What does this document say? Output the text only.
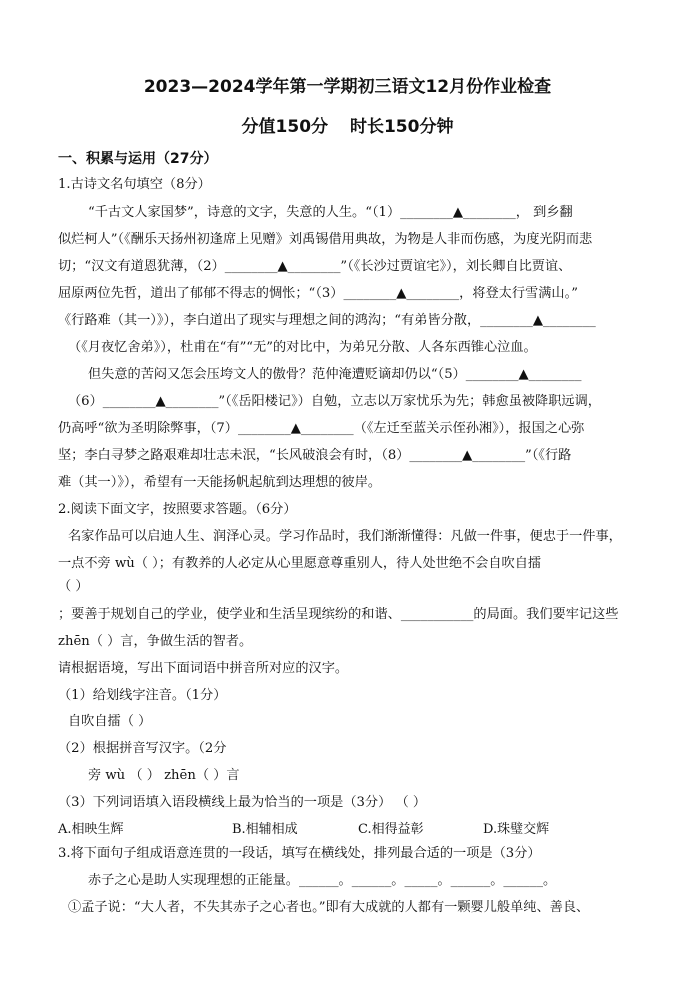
2023—2024学年第一学期初三语文12月份作业检查
分值150分 时长150分钟
一、积累与运用（27分）
1.古诗文名句填空（8分）
“千古文人家国梦”，诗意的文字，失意的人生。“（1）________▲________， 到乡翻
似烂柯人”（《酬乐天扬州初逢席上见赠》刘禹锡借用典故，为物是人非而伤感，为度光阴而悲
切；“汉文有道恩犹薄，（2）________▲________”（《长沙过贾谊宅》），刘长卿自比贾谊、
屈原两位先哲，道出了郁郁不得志的惆怅；“（3）________▲________，将登太行雪满山。”
《行路难（其一）》），李白道出了现实与理想之间的鸿沟；“有弟皆分散，________▲________
（《月夜忆舍弟》），杜甫在“有”“无”的对比中，为弟兄分散、人各东西锥心泣血。
但失意的苦闷又怎会压垮文人的傲骨？范仲淹遭贬谪却仍以“（5）________▲________
（6）________▲________”（《岳阳楼记》）自勉，立志以万家忧乐为先；韩愈虽被降职远调，
仍高呼“欲为圣明除弊事，（7）________▲________（《左迁至蓝关示侄孙湘》），报国之心弥
坚；李白寻梦之路艰难却壮志未泯，“长风破浪会有时，（8）________▲________”（《行路
难（其一）》），希望有一天能扬帆起航到达理想的彼岸。
2.阅读下面文字，按照要求答题。（6分）
名家作品可以启迪人生、润泽心灵。学习作品时，我们渐渐懂得：凡做一件事，便忠于一件事，
一点不旁 wù（ ）；有教养的人必定从心里愿意尊重别人，待人处世绝不会自吹自擂
（ ）
；要善于规划自己的学业，使学业和生活呈现缤纷的和谐、___________的局面。我们要牢记这些
zhēn（ ）言，争做生活的智者。
请根据语境，写出下面词语中拼音所对应的汉字。
（1）给划线字注音。（1分）
自吹自擂（ ）
（2）根据拼音写汉字。（2分
旁 wù （ ） zhēn（ ）言
（3）下列词语填入语段横线上最为恰当的一项是（3分） （ ）
A.相映生辉	B.相辅相成	C.相得益彰	D.珠璧交辉
3.将下面句子组成语意连贯的一段话，填写在横线处，排列最合适的一项是（3分）
赤子之心是助人实现理想的正能量。______。______。_____。______。______。
①孟子说：“大人者，不失其赤子之心者也。”即有大成就的人都有一颗婴儿般单纯、善良、
